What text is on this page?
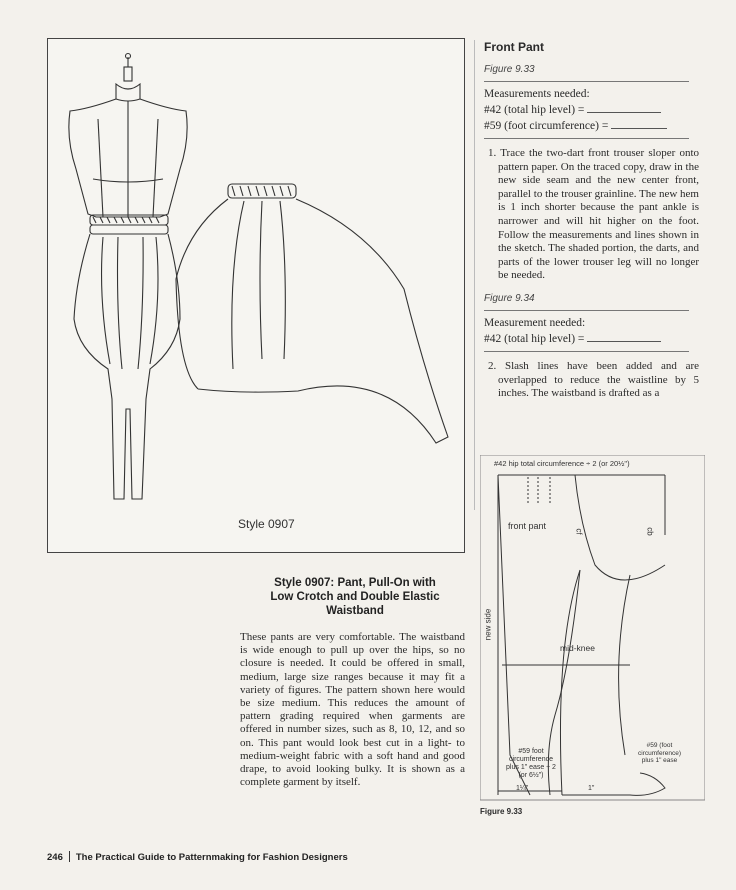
Style 0907
Front Pant
Figure 9.33
Measurements needed:
#42 (total hip level) =
#59 (foot circumference) =

1. Trace the two-dart front trouser sloper onto pattern paper. On the traced copy, draw in the new side seam and the new center front, parallel to the trouser grainline. The new hem is 1 inch shorter because the pant ankle is narrower and will hit higher on the foot. Follow the measurements and lines shown in the sketch. The shaded portion, the darts, and parts of the lower trouser leg will no longer be needed.

Figure 9.34
Measurement needed:
#42 (total hip level) =

2. Slash lines have been added and are overlapped to reduce the waistline by 5 inches. The waistband is drafted as a

#42 hip total circumference ÷ 2 (or 20½")
front pant
cf	cb
new side
mid-knee
#59 foot circumference plus 1" ease ÷ 2 (or 6½")
#59 (foot circumference) plus 1" ease
1¼"	1"
Figure 9.33
Style 0907: Pant, Pull-On with Low Crotch and Double Elastic Waistband

These pants are very comfortable. The waistband is wide enough to pull up over the hips, so no closure is needed. It could be offered in small, medium, large size ranges because it may fit a variety of figures. The pattern shown here would be size medium. This reduces the amount of pattern grading required when garments are offered in number sizes, such as 8, 10, 12, and so on. This pant would look best cut in a light- to medium-weight fabric with a soft hand and good drape, to avoid looking bulky. It is shown as a complete garment by itself.

246 The Practical Guide to Patternmaking for Fashion Designers
